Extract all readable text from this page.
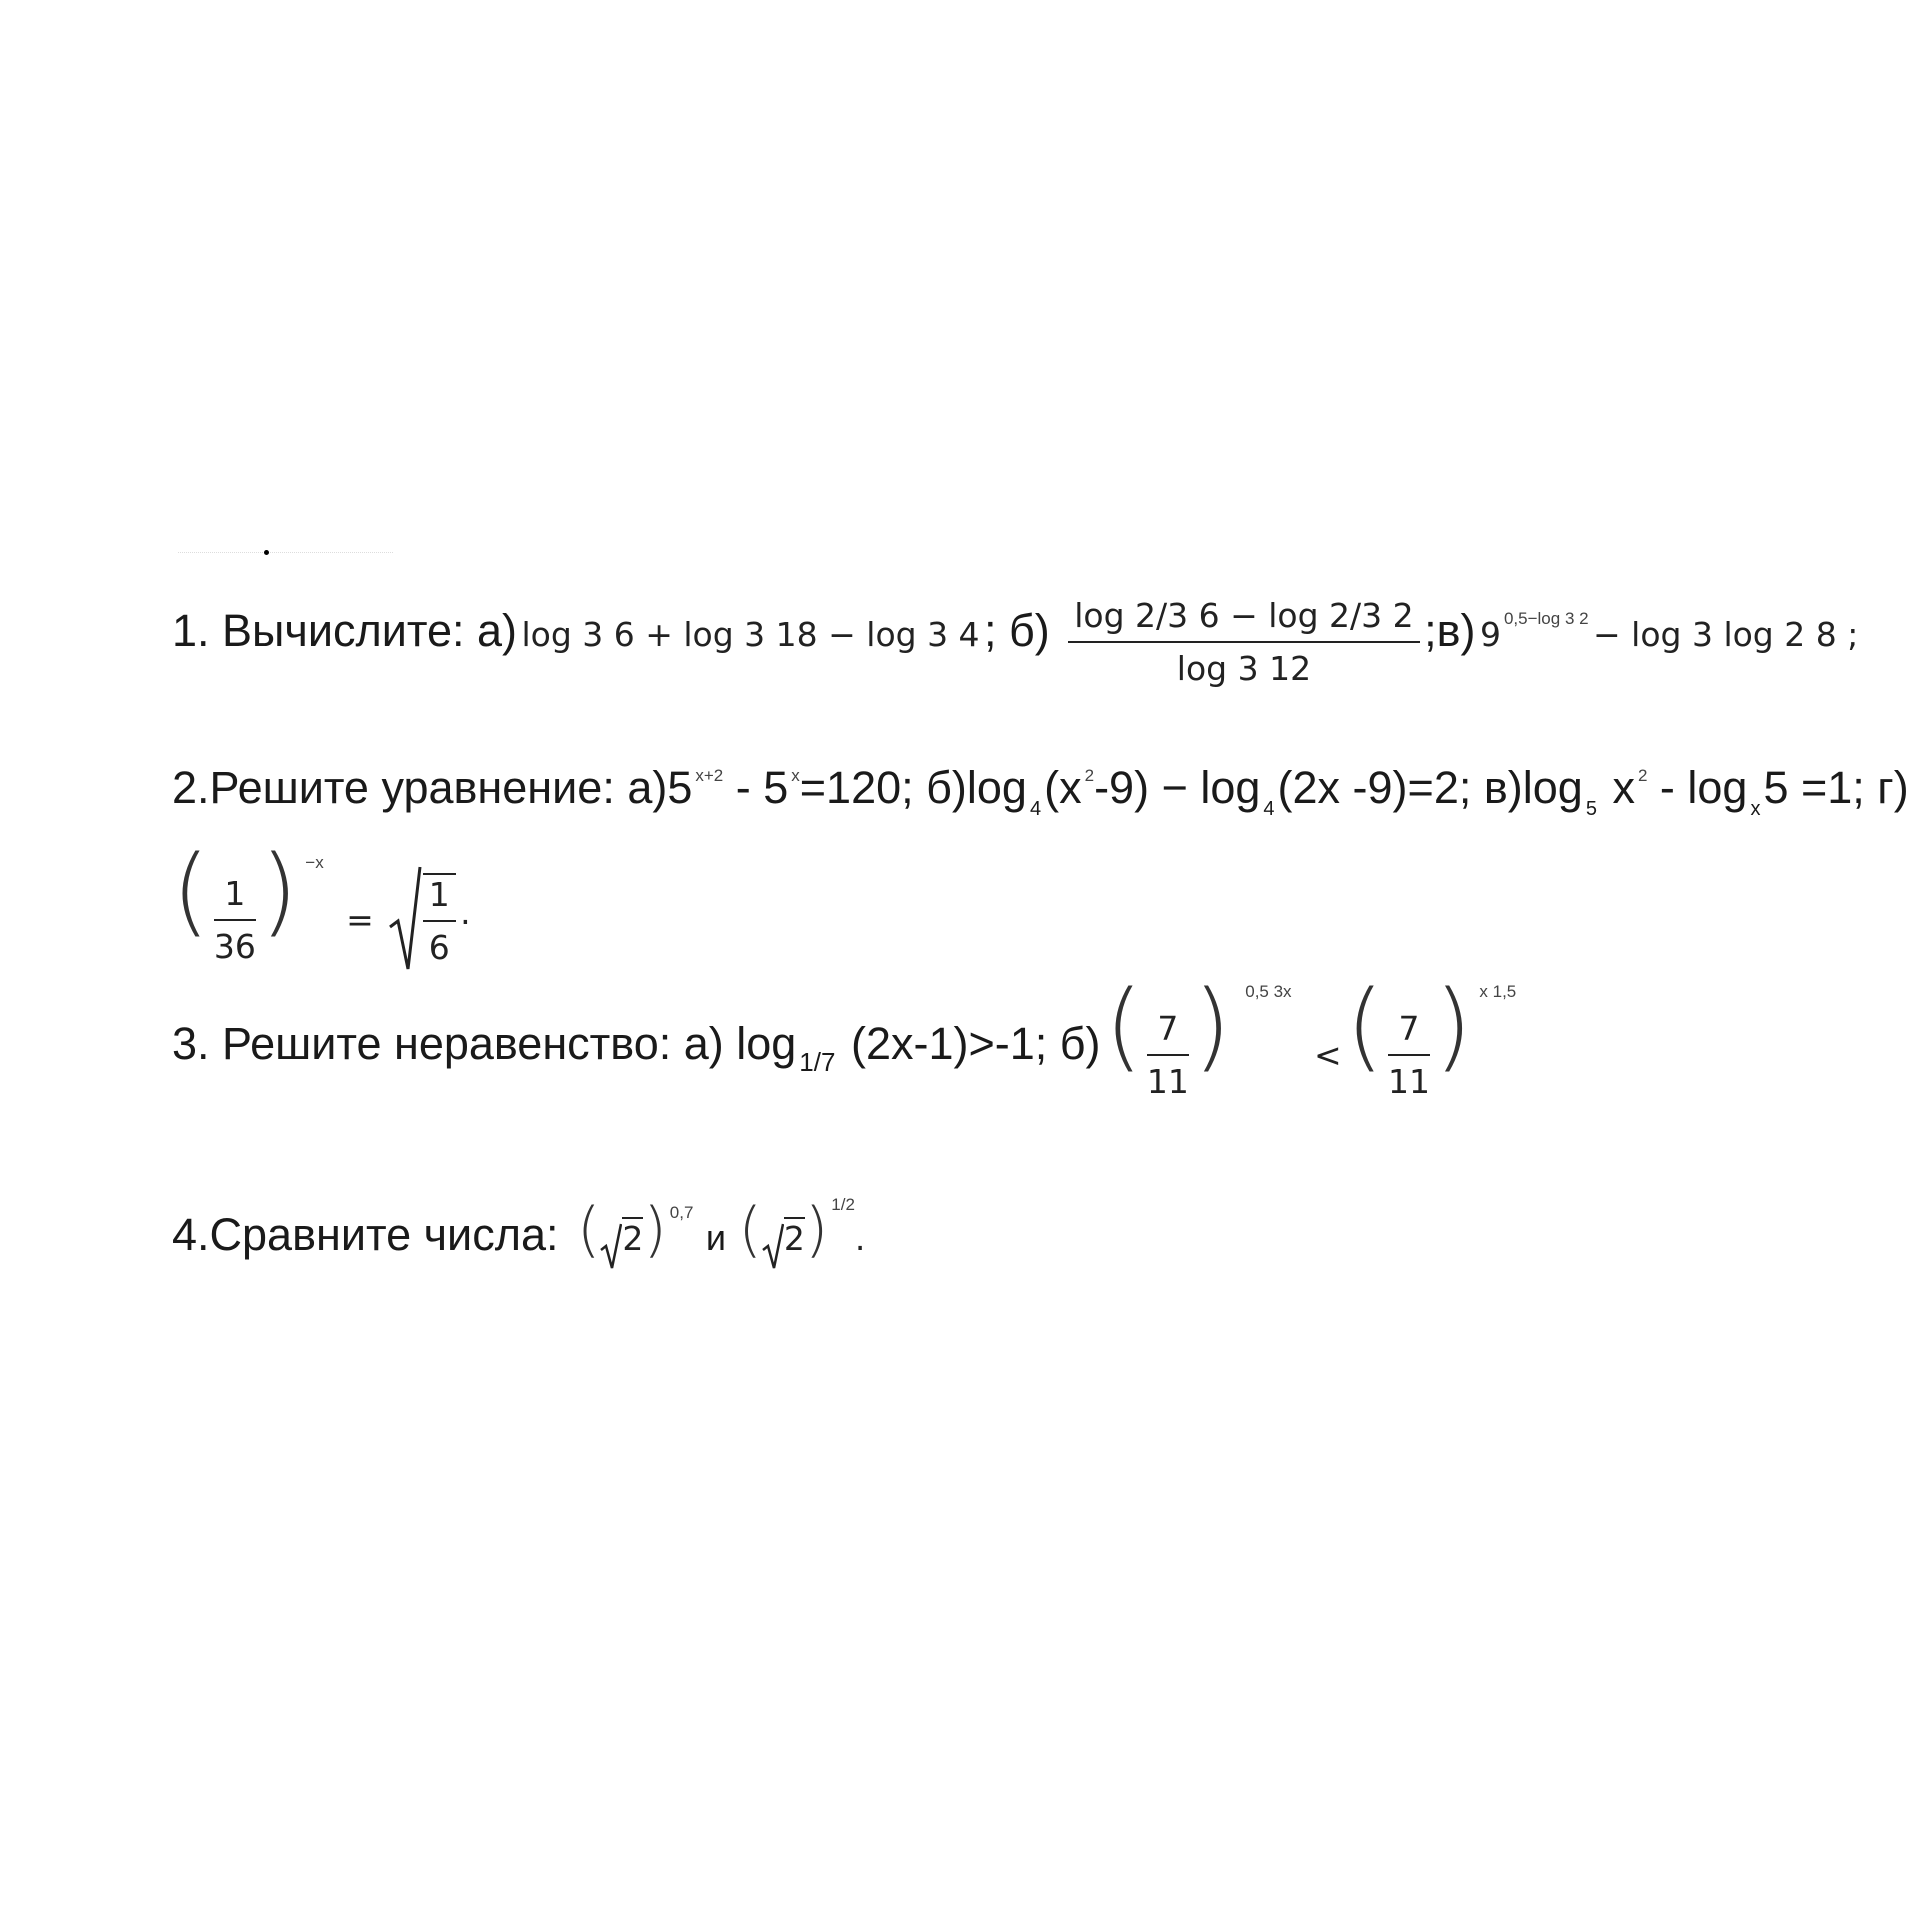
1. Вычислите: а) log 3 6 + log 3 18 − log 3 4 ; $б) \frac{\log 2/3 6 - \log 2/3 2}{\log 3 12}$ ;в) 9 0,5−log 3 2 − log 3 log 2 8 ;
2.Решите уравнение: а)5 $^{x+2}$ - 5 $^x$=120; б)log $_4$(x $^2$-9) − log $_4$(2x -9)=2; в)log $_5$ x $^2$ - log $_x$5 =1; г)
( $\frac{1}{36}$ ) $-x = \frac{1}{6}$ .
3. Решите неравенство: а) log 1/7 (2x-1)>-1; б) ( $\frac{7}{11}$ ) 0,5 3x < ( $\frac{7}{11}$ ) x 1,5
4.Сравните числа: ( 2) 0,7 и ( 2) 1/2.
